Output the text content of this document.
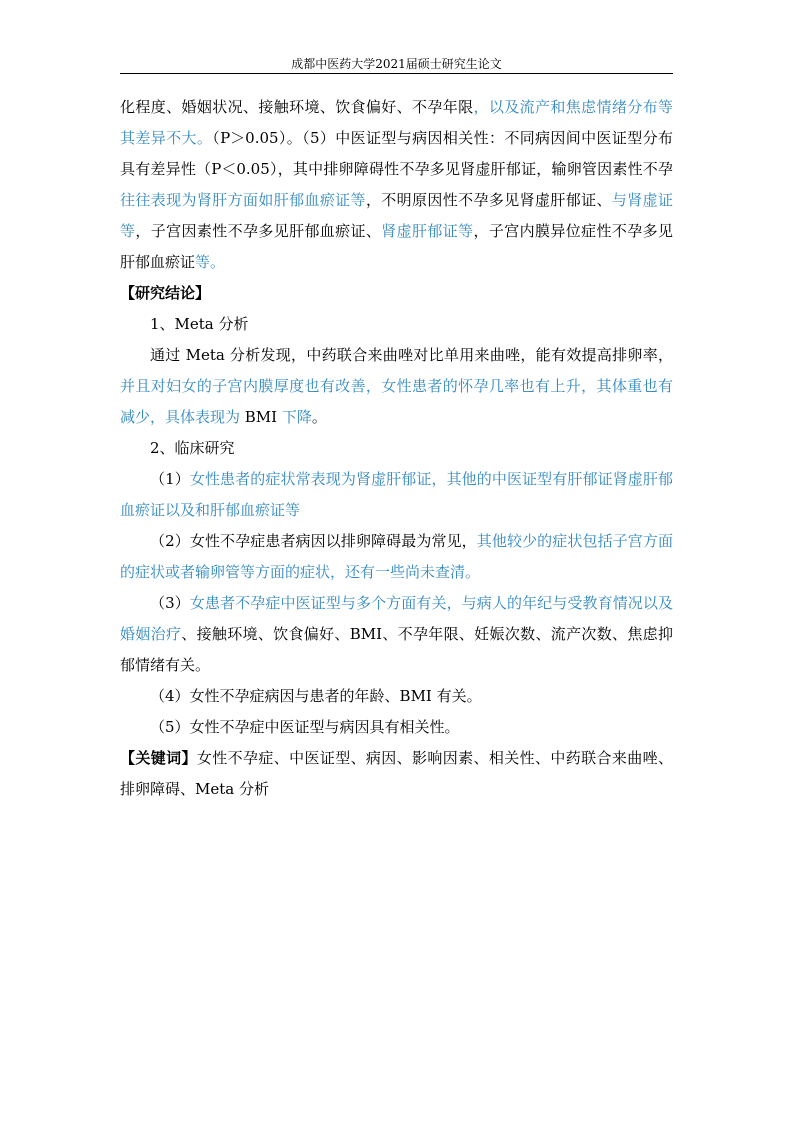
成都中医药大学2021届硕士研究生论文

化程度、婚姻状况、接触环境、饮食偏好、不孕年限，以及流产和焦虑情绪分布等其差异不大。（P＞0.05）。（5）中医证型与病因相关性：不同病因间中医证型分布具有差异性（P＜0.05），其中排卵障碍性不孕多见肾虚肝郁证，输卵管因素性不孕往往表现为肾肝方面如肝郁血瘀证等，不明原因性不孕多见肾虚肝郁证、与肾虚证等，子宫因素性不孕多见肝郁血瘀证、肾虚肝郁证等，子宫内膜异位症性不孕多见肝郁血瘀证等。

【研究结论】

1、Meta 分析

通过 Meta 分析发现，中药联合来曲唑对比单用来曲唑，能有效提高排卵率，并且对妇女的子宫内膜厚度也有改善，女性患者的怀孕几率也有上升，其体重也有减少，具体表现为 BMI 下降。

2、临床研究

（1）女性患者的症状常表现为肾虚肝郁证，其他的中医证型有肝郁证肾虚肝郁血瘀证以及和肝郁血瘀证等

（2）女性不孕症患者病因以排卵障碍最为常见，其他较少的症状包括子宫方面的症状或者输卵管等方面的症状，还有一些尚未查清。

（3）女患者不孕症中医证型与多个方面有关，与病人的年纪与受教育情况以及婚姻治疗、接触环境、饮食偏好、BMI、不孕年限、妊娠次数、流产次数、焦虑抑郁情绪有关。

（4）女性不孕症病因与患者的年龄、BMI 有关。

（5）女性不孕症中医证型与病因具有相关性。

【关键词】女性不孕症、中医证型、病因、影响因素、相关性、中药联合来曲唑、排卵障碍、Meta 分析
